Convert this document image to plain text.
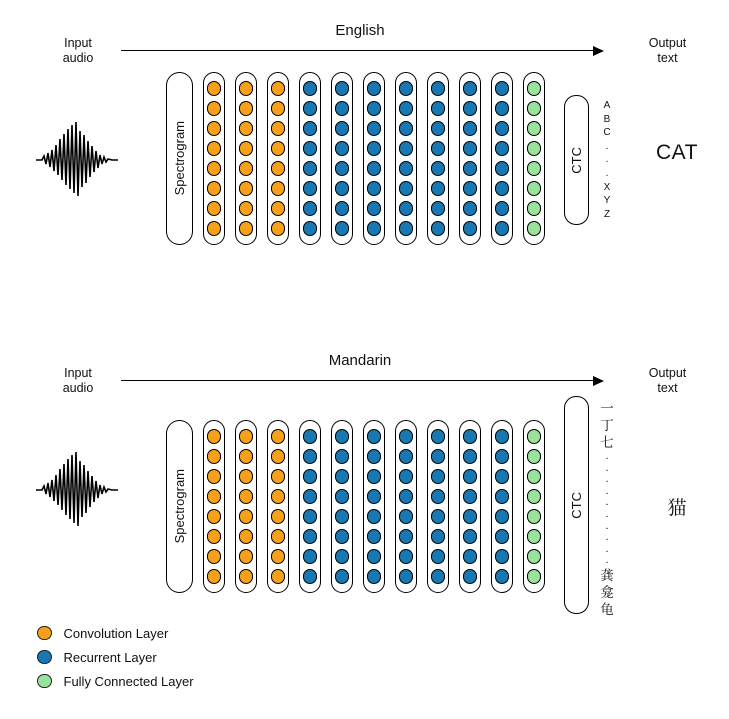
Input
audio
English
Output
text
Spectrogram	CTC
A
B
C
.
.
.
X
Y
Z
CAT
Input
audio
Mandarin
Output
text
Spectrogram	CTC
一
丁
七
.
.
.
.
.
.
.
.
.
.
龚
龛
龟
猫
Convolution Layer
Recurrent Layer
Fully Connected Layer
